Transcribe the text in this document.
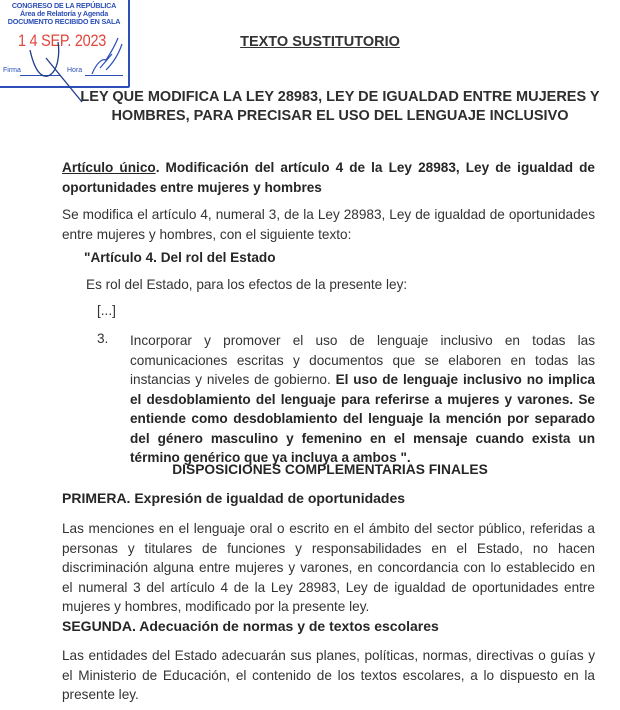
CONGRESO DE LA REPÚBLICA
Área de Relatoría y Agenda
DOCUMENTO RECIBIDO EN SALA
1 4 SEP. 2023
Firma	Hora
TEXTO SUSTITUTORIO
LEY QUE MODIFICA LA LEY 28983, LEY DE IGUALDAD ENTRE MUJERES Y HOMBRES, PARA PRECISAR EL USO DEL LENGUAJE INCLUSIVO
Artículo único. Modificación del artículo 4 de la Ley 28983, Ley de igualdad de oportunidades entre mujeres y hombres
Se modifica el artículo 4, numeral 3, de la Ley 28983, Ley de igualdad de oportunidades entre mujeres y hombres, con el siguiente texto:
"Artículo 4. Del rol del Estado
Es rol del Estado, para los efectos de la presente ley:
[...]
3. Incorporar y promover el uso de lenguaje inclusivo en todas las comunicaciones escritas y documentos que se elaboren en todas las instancias y niveles de gobierno. El uso de lenguaje inclusivo no implica el desdoblamiento del lenguaje para referirse a mujeres y varones. Se entiende como desdoblamiento del lenguaje la mención por separado del género masculino y femenino en el mensaje cuando exista un término genérico que ya incluya a ambos ".
DISPOSICIONES COMPLEMENTARIAS FINALES
PRIMERA. Expresión de igualdad de oportunidades
Las menciones en el lenguaje oral o escrito en el ámbito del sector público, referidas a personas y titulares de funciones y responsabilidades en el Estado, no hacen discriminación alguna entre mujeres y varones, en concordancia con lo establecido en el numeral 3 del artículo 4 de la Ley 28983, Ley de igualdad de oportunidades entre mujeres y hombres, modificado por la presente ley.
SEGUNDA. Adecuación de normas y de textos escolares
Las entidades del Estado adecuarán sus planes, políticas, normas, directivas o guías y el Ministerio de Educación, el contenido de los textos escolares, a lo dispuesto en la presente ley.
